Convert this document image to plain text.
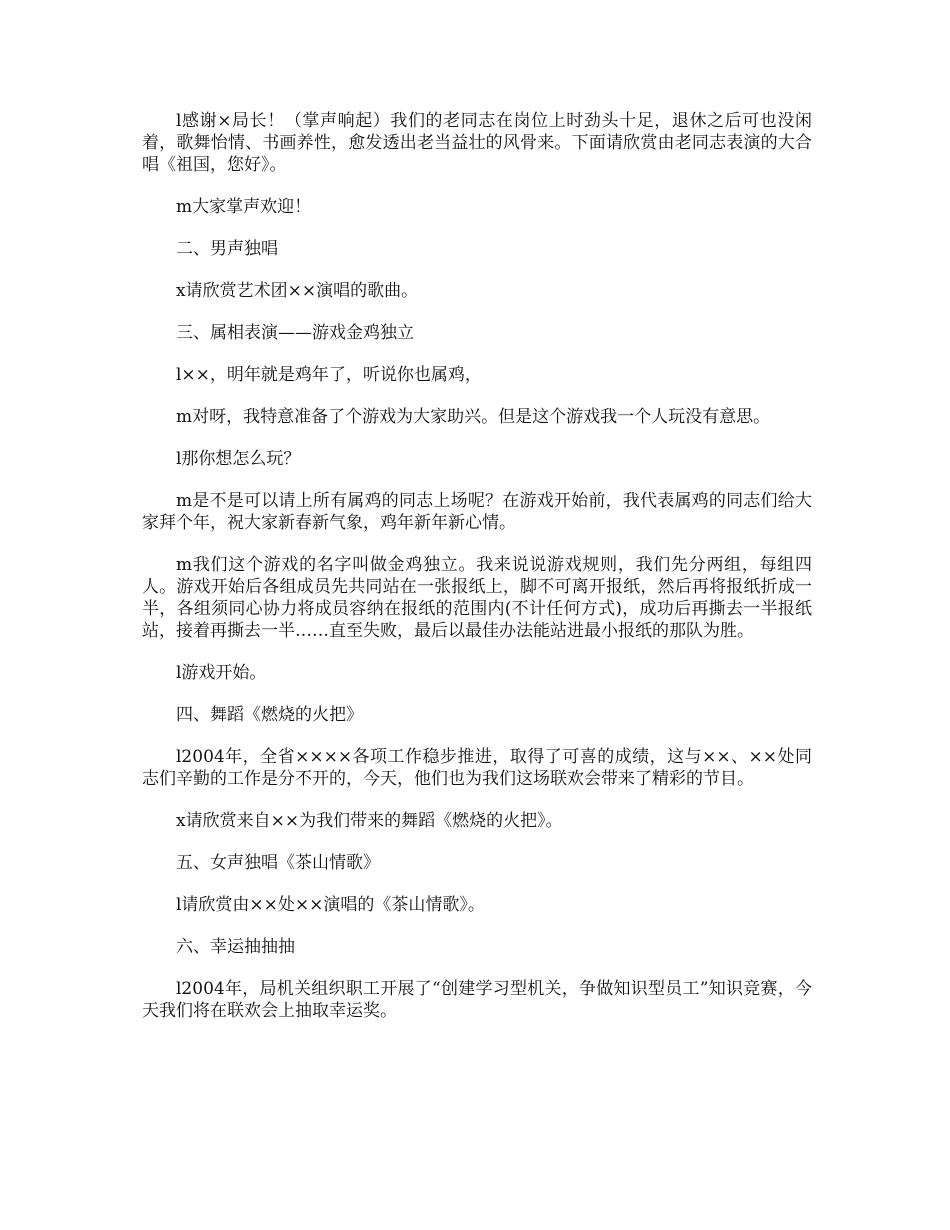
l感谢×局长！（掌声响起）我们的老同志在岗位上时劲头十足，退休之后可也没闲着，歌舞怡情、书画养性，愈发透出老当益壮的风骨来。下面请欣赏由老同志表演的大合唱《祖国，您好》。

m大家掌声欢迎！

二、男声独唱

x请欣赏艺术团××演唱的歌曲。

三、属相表演——游戏金鸡独立

l××，明年就是鸡年了，听说你也属鸡，

m对呀，我特意准备了个游戏为大家助兴。但是这个游戏我一个人玩没有意思。

l那你想怎么玩？

m是不是可以请上所有属鸡的同志上场呢？在游戏开始前，我代表属鸡的同志们给大家拜个年，祝大家新春新气象，鸡年新年新心情。

m我们这个游戏的名字叫做金鸡独立。我来说说游戏规则，我们先分两组，每组四人。游戏开始后各组成员先共同站在一张报纸上，脚不可离开报纸，然后再将报纸折成一半，各组须同心协力将成员容纳在报纸的范围内(不计任何方式)，成功后再撕去一半报纸站，接着再撕去一半……直至失败，最后以最佳办法能站进最小报纸的那队为胜。

l游戏开始。

四、舞蹈《燃烧的火把》

l2004年，全省××××各项工作稳步推进，取得了可喜的成绩，这与××、××处同志们辛勤的工作是分不开的，今天，他们也为我们这场联欢会带来了精彩的节目。

x请欣赏来自××为我们带来的舞蹈《燃烧的火把》。

五、女声独唱《茶山情歌》

l请欣赏由××处××演唱的《茶山情歌》。

六、幸运抽抽抽

l2004年，局机关组织职工开展了“创建学习型机关，争做知识型员工”知识竞赛，今天我们将在联欢会上抽取幸运奖。
